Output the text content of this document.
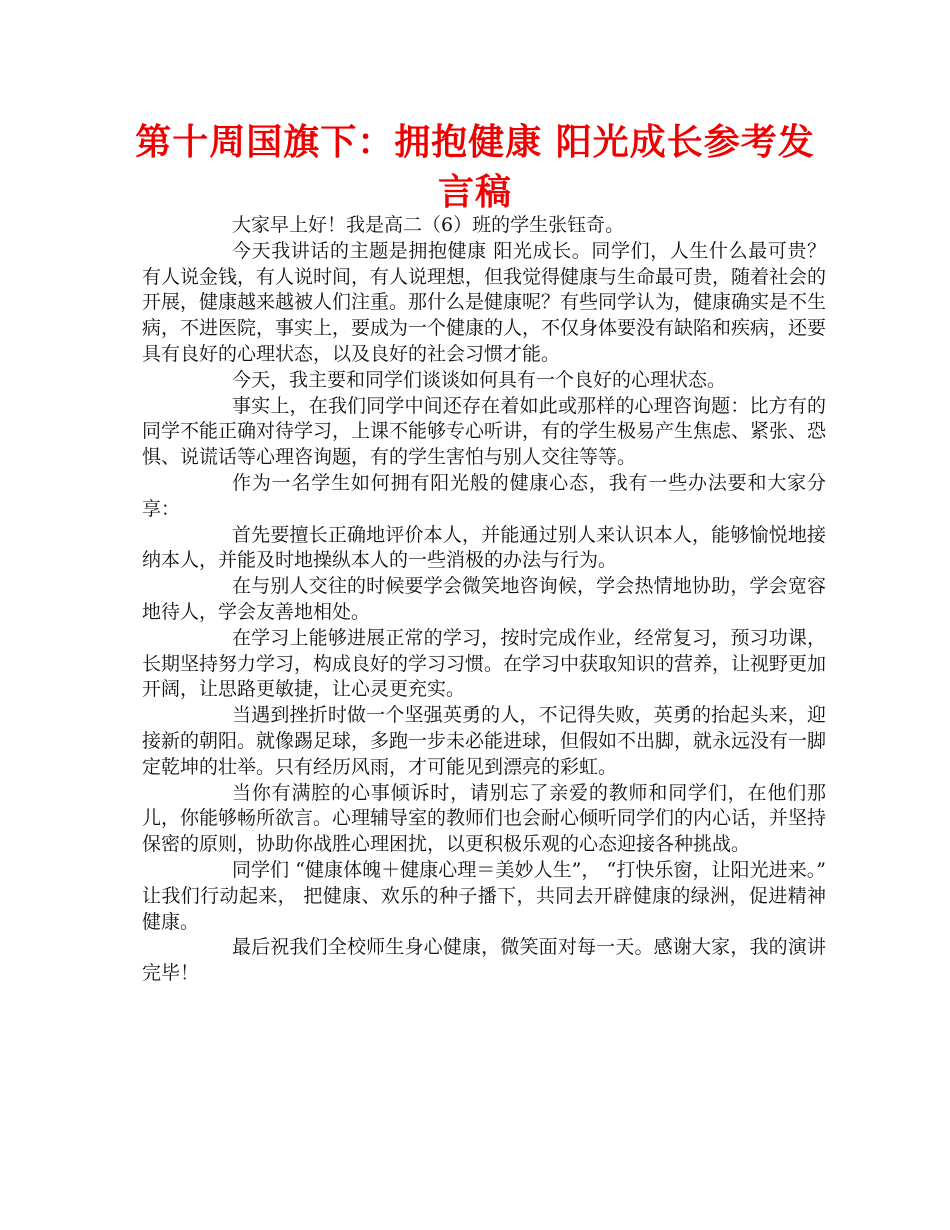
第十周国旗下：拥抱健康 阳光成长参考发言稿

大家早上好！我是高二（6）班的学生张钰奇。

今天我讲话的主题是拥抱健康 阳光成长。同学们，人生什么最可贵？有人说金钱，有人说时间，有人说理想，但我觉得健康与生命最可贵，随着社会的开展，健康越来越被人们注重。那什么是健康呢？有些同学认为，健康确实是不生病，不进医院，事实上，要成为一个健康的人，不仅身体要没有缺陷和疾病，还要具有良好的心理状态，以及良好的社会习惯才能。

今天，我主要和同学们谈谈如何具有一个良好的心理状态。

事实上，在我们同学中间还存在着如此或那样的心理咨询题：比方有的同学不能正确对待学习，上课不能够专心听讲，有的学生极易产生焦虑、紧张、恐惧、说谎话等心理咨询题，有的学生害怕与别人交往等等。

作为一名学生如何拥有阳光般的健康心态，我有一些办法要和大家分享：

首先要擅长正确地评价本人，并能通过别人来认识本人，能够愉悦地接纳本人，并能及时地操纵本人的一些消极的办法与行为。

在与别人交往的时候要学会微笑地咨询候，学会热情地协助，学会宽容地待人，学会友善地相处。

在学习上能够进展正常的学习，按时完成作业，经常复习，预习功课，长期坚持努力学习，构成良好的学习习惯。在学习中获取知识的营养，让视野更加开阔，让思路更敏捷，让心灵更充实。

当遇到挫折时做一个坚强英勇的人，不记得失败，英勇的抬起头来，迎接新的朝阳。就像踢足球，多跑一步未必能进球，但假如不出脚，就永远没有一脚定乾坤的壮举。只有经历风雨，才可能见到漂亮的彩虹。

当你有满腔的心事倾诉时，请别忘了亲爱的教师和同学们，在他们那儿，你能够畅所欲言。心理辅导室的教师们也会耐心倾听同学们的内心话，并坚持保密的原则，协助你战胜心理困扰，以更积极乐观的心态迎接各种挑战。

同学们 “健康体魄＋健康心理＝美妙人生”， “打快乐窗，让阳光进来。” 让我们行动起来， 把健康、欢乐的种子播下，共同去开辟健康的绿洲，促进精神健康。

最后祝我们全校师生身心健康，微笑面对每一天。感谢大家，我的演讲完毕！
